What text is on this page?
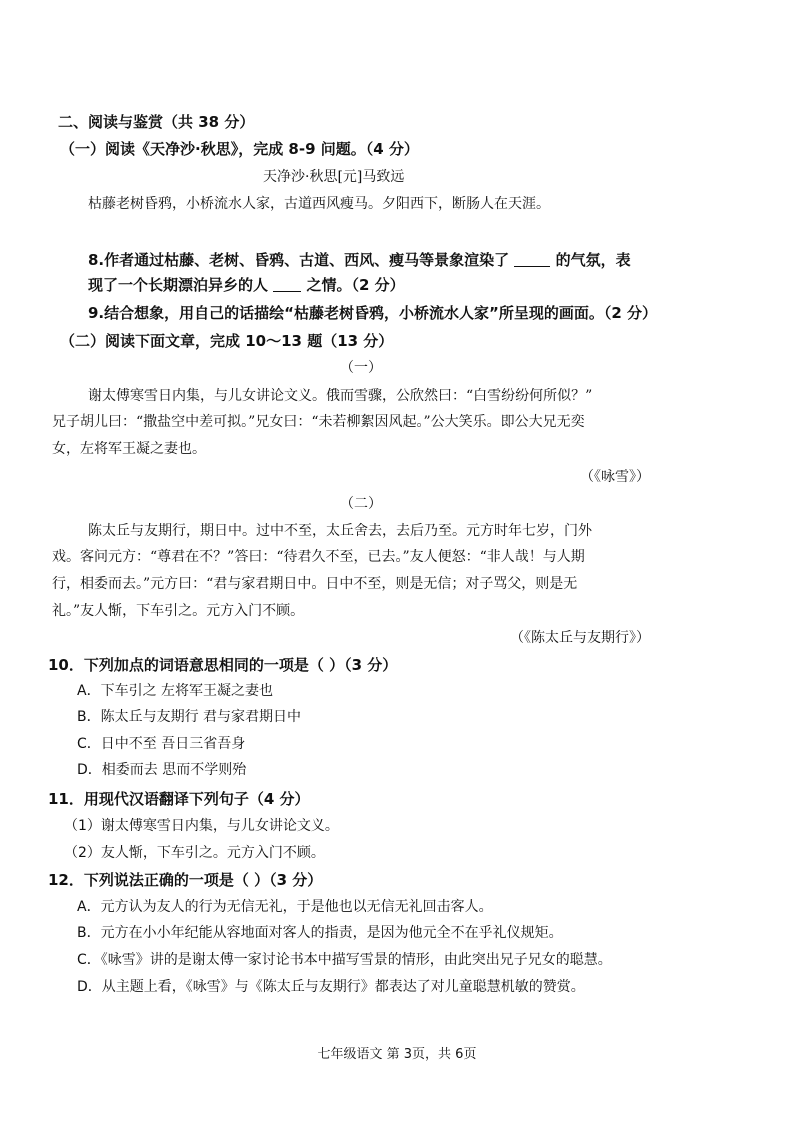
二、阅读与鉴赏（共 38 分）
（一）阅读《天净沙·秋思》，完成 8-9 问题。（4 分）
天净沙·秋思[元]马致远
枯藤老树昏鸦，小桥流水人家，古道西风瘦马。夕阳西下，断肠人在天涯。
8.作者通过枯藤、老树、昏鸦、古道、西风、瘦马等景象渲染了	的气氛，表
现了一个长期漂泊异乡的人	之情。（2 分）
9.结合想象，用自己的话描绘“枯藤老树昏鸦，小桥流水人家”所呈现的画面。（2 分）
（二）阅读下面文章，完成 10～13 题（13 分）
（一）
谢太傅寒雪日内集，与儿女讲论文义。俄而雪骤，公欣然曰：“白雪纷纷何所似？”
兄子胡儿曰：“撒盐空中差可拟。”兄女曰：“未若柳絮因风起。”公大笑乐。即公大兄无奕
女，左将军王凝之妻也。
（《咏雪》）
（二）
陈太丘与友期行，期日中。过中不至，太丘舍去，去后乃至。元方时年七岁，门外
戏。客问元方：“尊君在不？”答曰：“待君久不至，已去。”友人便怒：“非人哉！与人期
行，相委而去。”元方曰：“君与家君期日中。日中不至，则是无信；对子骂父，则是无
礼。”友人惭，下车引之。元方入门不顾。
（《陈太丘与友期行》）
10．下列加点的词语意思相同的一项是（ ）（3 分）
A．下车引之 左将军王凝之妻也
B．陈太丘与友期行 君与家君期日中
C．日中不至 吾日三省吾身
D．相委而去 思而不学则殆
11．用现代汉语翻译下列句子（4 分）
（1）谢太傅寒雪日内集，与儿女讲论文义。
（2）友人惭，下车引之。元方入门不顾。
12．下列说法正确的一项是（ ）（3 分）
A．元方认为友人的行为无信无礼，于是他也以无信无礼回击客人。
B．元方在小小年纪能从容地面对客人的指责，是因为他元全不在乎礼仪规矩。
C．《咏雪》讲的是谢太傅一家讨论书本中描写雪景的情形，由此突出兄子兄女的聪慧。
D．从主题上看，《咏雪》与《陈太丘与友期行》都表达了对儿童聪慧机敏的赞赏。
七年级语文 第 3页，共 6页
